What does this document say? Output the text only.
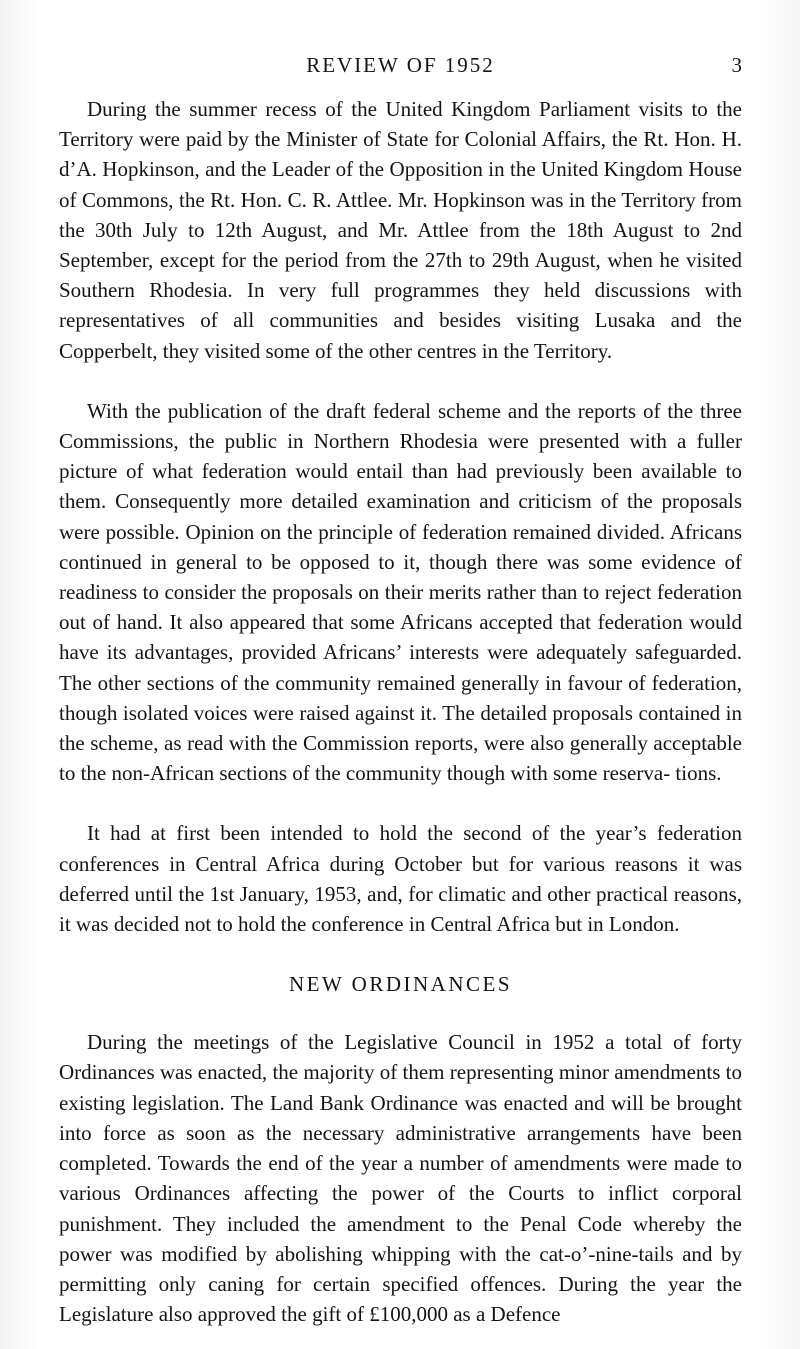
REVIEW OF 1952	3

During the summer recess of the United Kingdom Parliament visits to the Territory were paid by the Minister of State for Colonial Affairs, the Rt. Hon. H. d’A. Hopkinson, and the Leader of the Opposition in the United Kingdom House of Commons, the Rt. Hon. C. R. Attlee. Mr. Hopkinson was in the Territory from the 30th July to 12th August, and Mr. Attlee from the 18th August to 2nd September, except for the period from the 27th to 29th August, when he visited Southern Rhodesia. In very full programmes they held discussions with representatives of all communities and besides visiting Lusaka and the Copperbelt, they visited some of the other centres in the Territory.

With the publication of the draft federal scheme and the reports of the three Commissions, the public in Northern Rhodesia were presented with a fuller picture of what federation would entail than had previously been available to them. Consequently more detailed examination and criticism of the proposals were possible. Opinion on the principle of federation remained divided. Africans continued in general to be opposed to it, though there was some evidence of readiness to consider the proposals on their merits rather than to reject federation out of hand. It also appeared that some Africans accepted that federation would have its advantages, provided Africans’ interests were adequately safeguarded. The other sections of the community remained generally in favour of federation, though isolated voices were raised against it. The detailed proposals contained in the scheme, as read with the Commission reports, were also generally acceptable to the non-African sections of the community though with some reserva- tions.

It had at first been intended to hold the second of the year’s federation conferences in Central Africa during October but for various reasons it was deferred until the 1st January, 1953, and, for climatic and other practical reasons, it was decided not to hold the conference in Central Africa but in London.

NEW ORDINANCES

During the meetings of the Legislative Council in 1952 a total of forty Ordinances was enacted, the majority of them representing minor amendments to existing legislation. The Land Bank Ordinance was enacted and will be brought into force as soon as the necessary administrative arrangements have been completed. Towards the end of the year a number of amendments were made to various Ordinances affecting the power of the Courts to inflict corporal punishment. They included the amendment to the Penal Code whereby the power was modified by abolishing whipping with the cat-o’-nine-tails and by permitting only caning for certain specified offences. During the year the Legislature also approved the gift of £100,000 as a Defence
